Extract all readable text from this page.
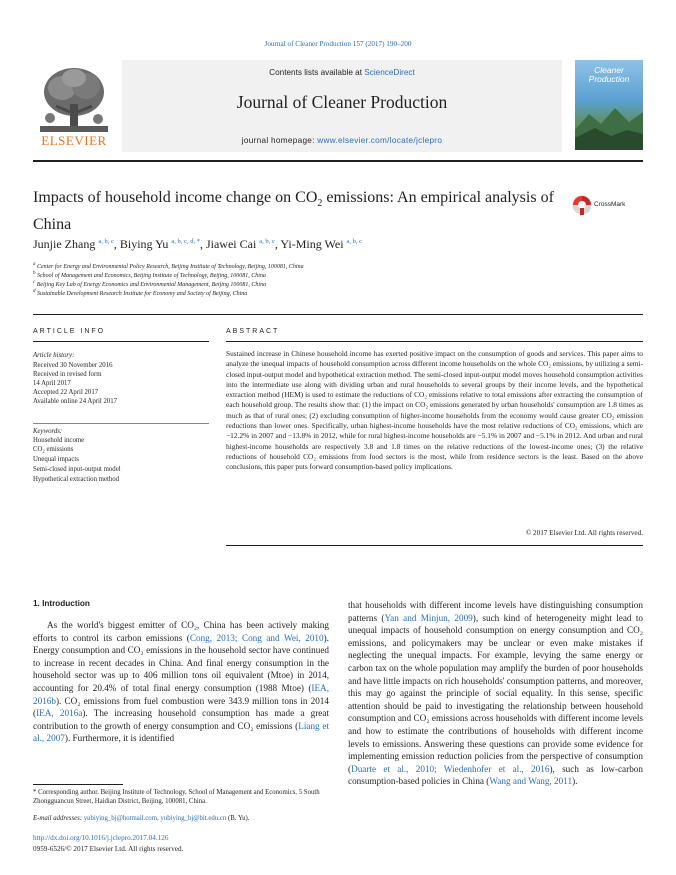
Journal of Cleaner Production 157 (2017) 190–200
Contents lists available at ScienceDirect
Journal of Cleaner Production
journal homepage: www.elsevier.com/locate/jclepro
ELSEVIER
Cleaner
Production
Impacts of household income change on $CO_2$ emissions: An empirical analysis of China
CrossMark
Junjie Zhang $^{a, b, c}$, Biying Yu $^{a, b, c, d, *}$, Jiawei Cai $^{a, b, c}$, Yi-Ming Wei $^{a, b, c}$
$^a$ Center for Energy and Environmental Policy Research, Beijing Institute of Technology, Beijing, 100081, China
$^b$ School of Management and Economics, Beijing Institute of Technology, Beijing, 100081, China
$^c$ Beijing Key Lab of Energy Economics and Environmental Management, Beijing 100081, China
$^d$ Sustainable Development Research Institute for Economy and Society of Beijing, China
ARTICLE INFO
Article history:
Received 30 November 2016
Received in revised form
14 April 2017
Accepted 22 April 2017
Available online 24 April 2017
Keywords:
Household income
CO₂ emissions
Unequal impacts
Semi-closed input-output model
Hypothetical extraction method
ABSTRACT
Sustained increase in Chinese household income has exerted positive impact on the consumption of goods and services. This paper aims to analyze the unequal impacts of household consumption across different income households on the whole CO₂ emissions, by utilizing a semi-closed input-output model and hypothetical extraction method. The semi-closed input-output model moves household consumption activities into the intermediate use along with dividing urban and rural households to several groups by their income levels, and the hypothetical extraction method (HEM) is used to estimate the reductions of CO₂ emissions relative to total emissions after extracting the consumption of each household group. The results show that: (1) the impact on CO₂ emissions generated by urban households' consumption are 1.8 times as much as that of rural ones; (2) excluding consumption of higher-income households from the economy would cause greater CO₂ emission reductions than lower ones. Specifically, urban highest-income households have the most relative reductions of CO₂ emissions, which are −12.2% in 2007 and −13.8% in 2012, while for rural highest-income households are −5.1% in 2007 and −5.1% in 2012. And urban and rural highest-income households are respectively 3.8 and 1.8 times on the relative reductions of the lowest-income ones; (3) the relative reductions of household CO₂ emissions from food sectors is the most, while from residence sectors is the least. Based on the above conclusions, this paper puts forward consumption-based policy implications.
© 2017 Elsevier Ltd. All rights reserved.
1. Introduction
As the world's biggest emitter of CO₂, China has been actively making efforts to control its carbon emissions (Cong, 2013; Cong and Wei, 2010). Energy consumption and CO₂ emissions in the household sector have continued to increase in recent decades in China. And final energy consumption in the household sector was up to 406 million tons oil equivalent (Mtoe) in 2014, accounting for 20.4% of total final energy consumption (1988 Mtoe) (IEA, 2016b). CO₂ emissions from fuel combustion were 343.9 million tons in 2014 (IEA, 2016a). The increasing household consumption has made a great contribution to the growth of energy consumption and CO₂ emissions (Liang et al., 2007). Furthermore, it is identified
that households with different income levels have distinguishing consumption patterns (Yan and Minjun, 2009), such kind of heterogeneity might lead to unequal impacts of household consumption on energy consumption and CO₂ emissions, and policymakers may be unclear or even make mistakes if neglecting the unequal impacts. For example, levying the same energy or carbon tax on the whole population may amplify the burden of poor households and have little impacts on rich households' consumption patterns, and moreover, this may go against the principle of social equality. In this sense, specific attention should be paid to investigating the relationship between household consumption and CO₂ emissions across households with different income levels and how to estimate the contributions of households with different income levels to emissions. Answering these questions can provide some evidence for implementing emission reduction policies from the perspective of consumption (Duarte et al., 2010; Wiedenhofer et al., 2016), such as low-carbon consumption-based policies in China (Wang and Wang, 2011).
* Corresponding author. Beijing Institute of Technology, School of Management and Economics, 5 South Zhongguancun Street, Haidian District, Beijing, 100081, China.
E-mail addresses: yubiying_bj@hotmail.com, yubiying_bj@bit.edu.cn (B. Yu).
http://dx.doi.org/10.1016/j.jclepro.2017.04.126
0959-6526/© 2017 Elsevier Ltd. All rights reserved.
